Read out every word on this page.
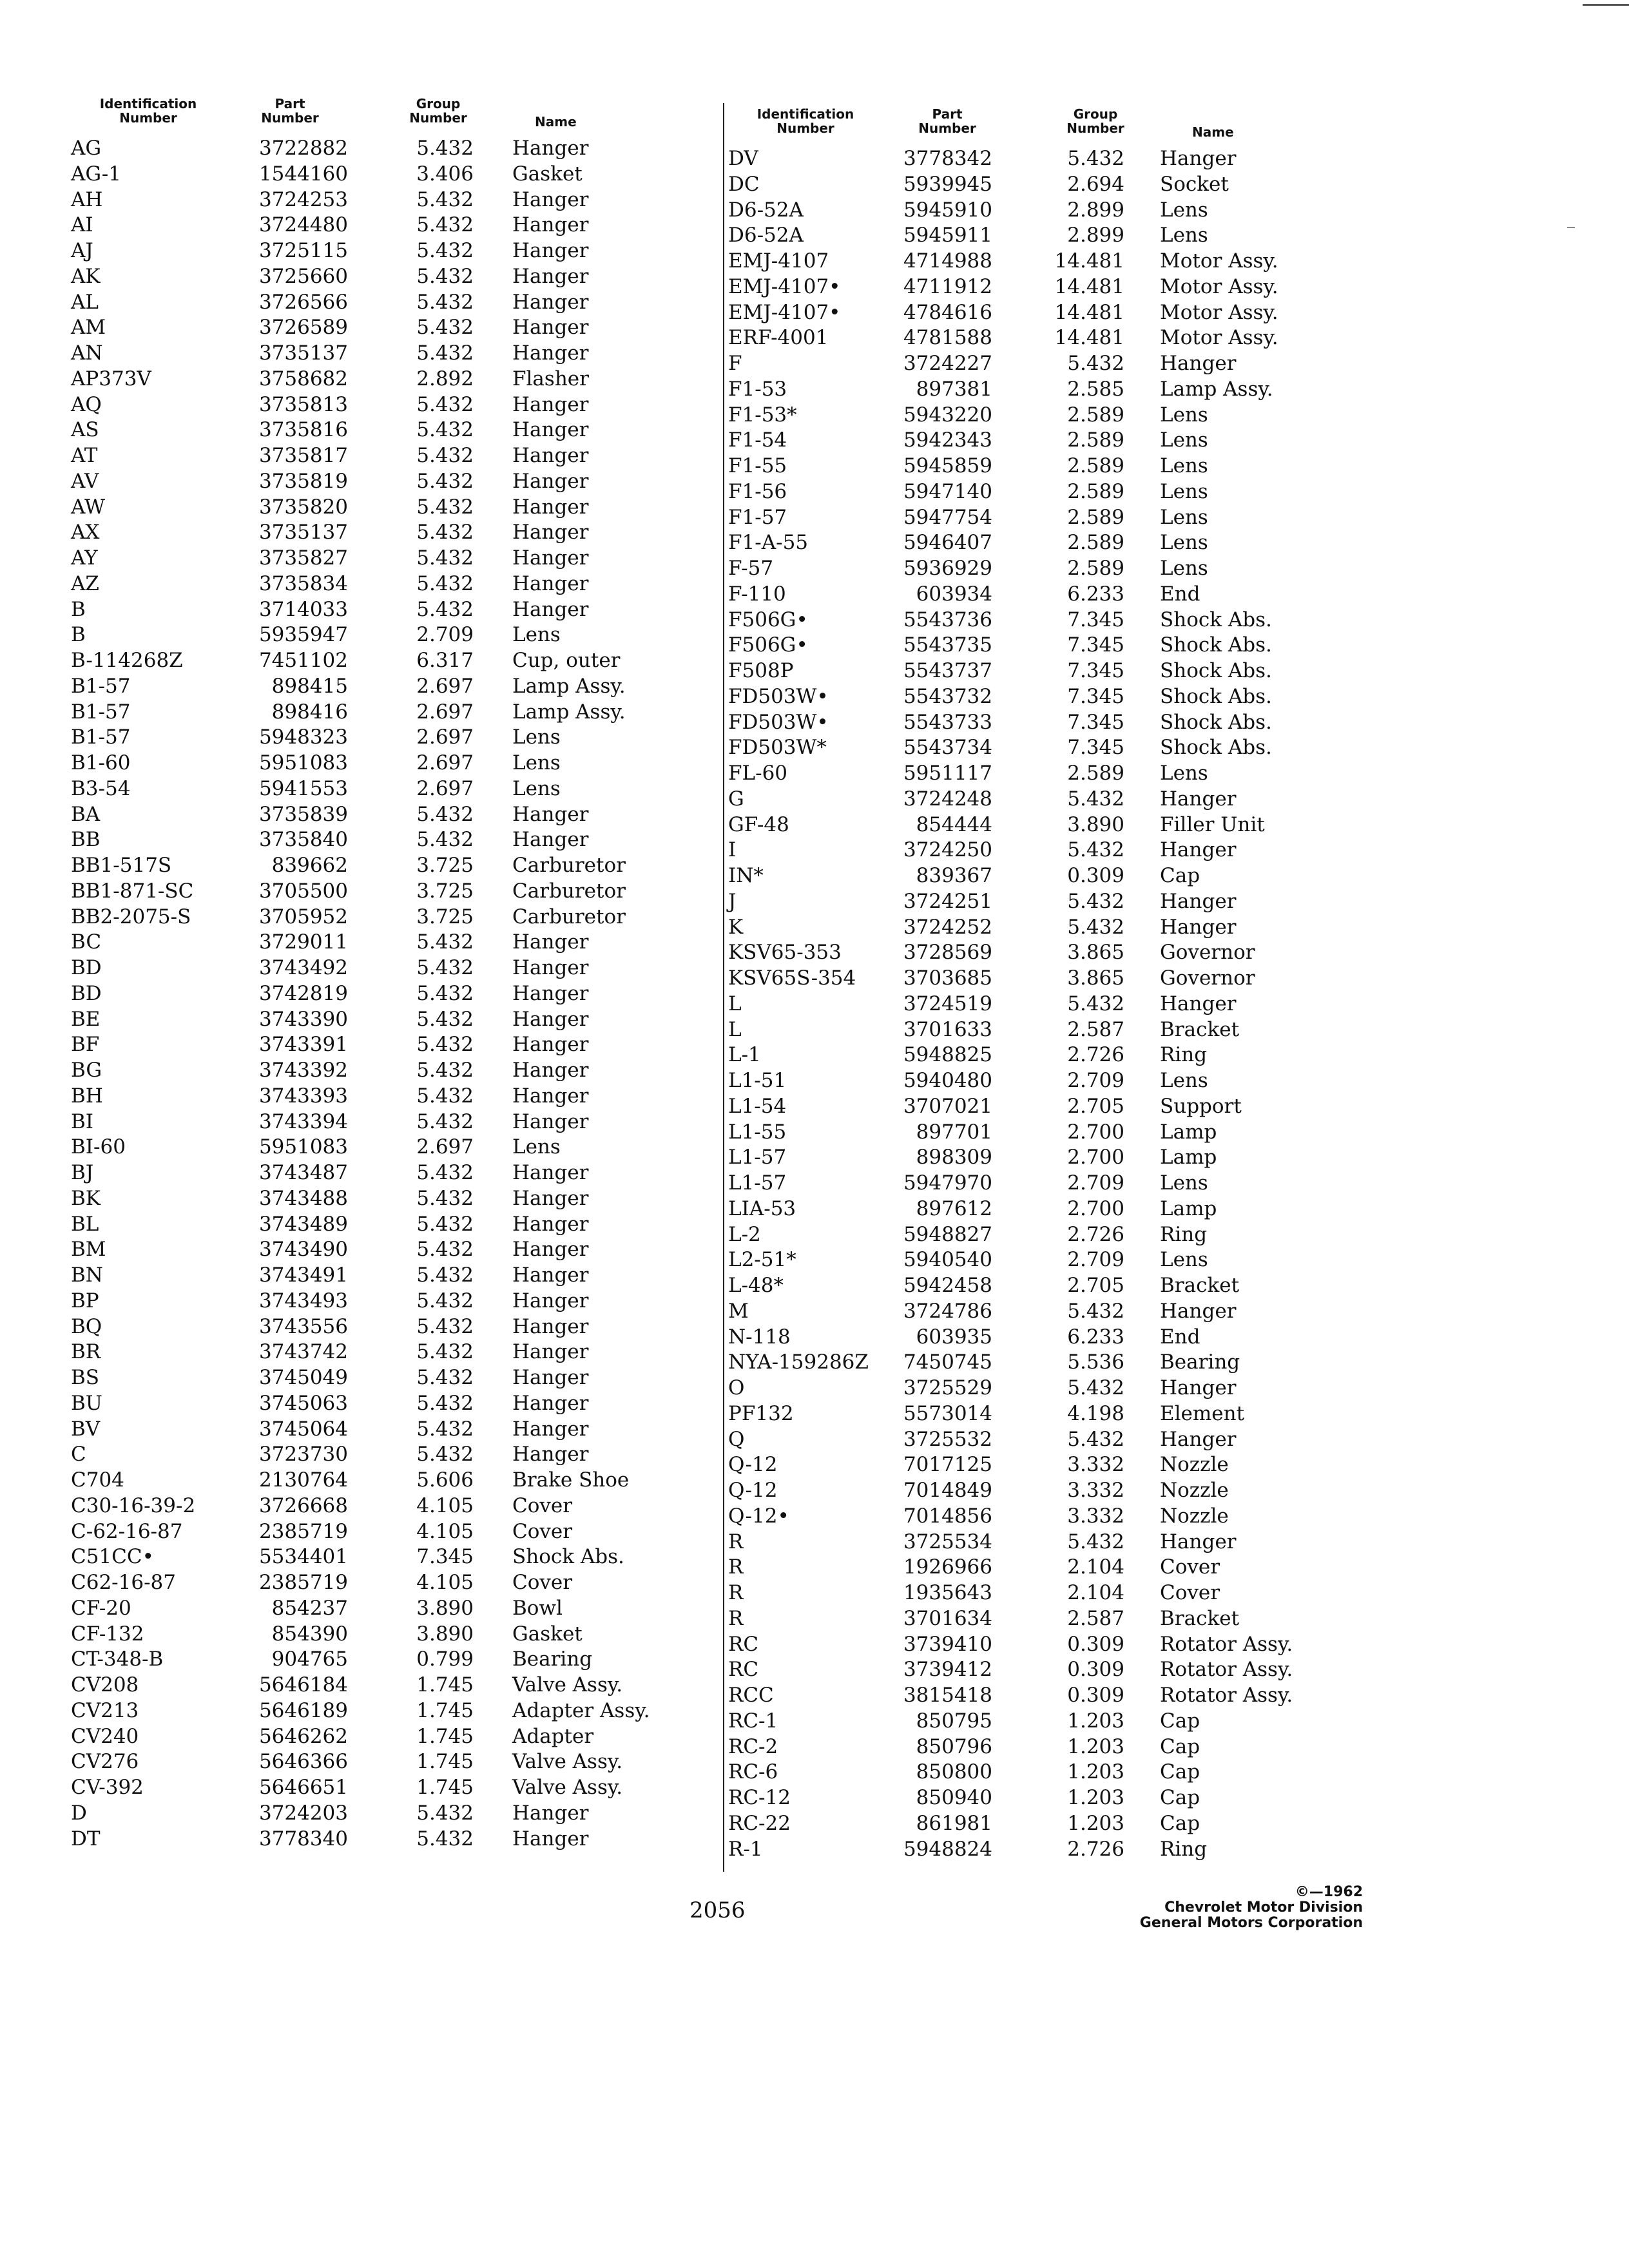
Identification Number
Part Number
Group Number	Name
AG	3722882	5.432 Hanger
AG-1	1544160	3.406 Gasket
AH	3724253	5.432 Hanger
AI	3724480	5.432 Hanger
AJ	3725115	5.432 Hanger
AK	3725660	5.432 Hanger
AL	3726566	5.432 Hanger
AM	3726589	5.432 Hanger
AN	3735137	5.432 Hanger
AP373V	3758682	2.892 Flasher
AQ	3735813	5.432 Hanger
AS	3735816	5.432 Hanger
AT	3735817	5.432 Hanger
AV	3735819	5.432 Hanger
AW	3735820	5.432 Hanger
AX	3735137	5.432 Hanger
AY	3735827	5.432 Hanger
AZ	3735834	5.432 Hanger
B	3714033	5.432 Hanger
B	5935947	2.709 Lens
B-114268Z	7451102	6.317 Cup, outer
B1-57	898415	2.697 Lamp Assy.
B1-57	898416	2.697 Lamp Assy.
B1-57	5948323	2.697 Lens
B1-60	5951083	2.697 Lens
B3-54	5941553	2.697 Lens
BA	3735839	5.432 Hanger
BB	3735840	5.432 Hanger
BB1-517S	839662	3.725 Carburetor
BB1-871-SC	3705500	3.725 Carburetor
BB2-2075-S	3705952	3.725 Carburetor
BC	3729011	5.432 Hanger
BD	3743492	5.432 Hanger
BD	3742819	5.432 Hanger
BE	3743390	5.432 Hanger
BF	3743391	5.432 Hanger
BG	3743392	5.432 Hanger
BH	3743393	5.432 Hanger
BI	3743394	5.432 Hanger
BI-60	5951083	2.697 Lens
BJ	3743487	5.432 Hanger
BK	3743488	5.432 Hanger
BL	3743489	5.432 Hanger
BM	3743490	5.432 Hanger
BN	3743491	5.432 Hanger
BP	3743493	5.432 Hanger
BQ	3743556	5.432 Hanger
BR	3743742	5.432 Hanger
BS	3745049	5.432 Hanger
BU	3745063	5.432 Hanger
BV	3745064	5.432 Hanger
C	3723730	5.432 Hanger
C704	2130764	5.606 Brake Shoe
C30-16-39-2	3726668	4.105 Cover
C-62-16-87	2385719	4.105 Cover
C51CC•	5534401	7.345 Shock Abs.
C62-16-87	2385719	4.105 Cover
CF-20	854237	3.890 Bowl
CF-132	854390	3.890 Gasket
CT-348-B	904765	0.799 Bearing
CV208	5646184	1.745 Valve Assy.
CV213	5646189	1.745 Adapter Assy.
CV240	5646262	1.745 Adapter
CV276	5646366	1.745 Valve Assy.
CV-392	5646651	1.745 Valve Assy.
D	3724203	5.432 Hanger
DT	3778340	5.432 Hanger
Identification Number
Part Number
Group Number	Name
DV	3778342	5.432 Hanger
DC	5939945	2.694 Socket
D6-52A	5945910	2.899 Lens
D6-52A	5945911	2.899 Lens
EMJ-4107	4714988	14.481 Motor Assy.
EMJ-4107•	4711912	14.481 Motor Assy.
EMJ-4107•	4784616	14.481 Motor Assy.
ERF-4001	4781588	14.481 Motor Assy.
F	3724227	5.432 Hanger
F1-53	897381	2.585 Lamp Assy.
F1-53*	5943220	2.589 Lens
F1-54	5942343	2.589 Lens
F1-55	5945859	2.589 Lens
F1-56	5947140	2.589 Lens
F1-57	5947754	2.589 Lens
F1-A-55	5946407	2.589 Lens
F-57	5936929	2.589 Lens
F-110	603934	6.233 End
F506G•	5543736	7.345 Shock Abs.
F506G•	5543735	7.345 Shock Abs.
F508P	5543737	7.345 Shock Abs.
FD503W•	5543732	7.345 Shock Abs.
FD503W•	5543733	7.345 Shock Abs.
FD503W*	5543734	7.345 Shock Abs.
FL-60	5951117	2.589 Lens
G	3724248	5.432 Hanger
GF-48	854444	3.890 Filler Unit
I	3724250	5.432 Hanger
IN*	839367	0.309 Cap
J	3724251	5.432 Hanger
K	3724252	5.432 Hanger
KSV65-353	3728569	3.865 Governor
KSV65S-354	3703685	3.865 Governor
L	3724519	5.432 Hanger
L	3701633	2.587 Bracket
L-1	5948825	2.726 Ring
L1-51	5940480	2.709 Lens
L1-54	3707021	2.705 Support
L1-55	897701	2.700 Lamp
L1-57	898309	2.700 Lamp
L1-57	5947970	2.709 Lens
LIA-53	897612	2.700 Lamp
L-2	5948827	2.726 Ring
L2-51*	5940540	2.709 Lens
L-48*	5942458	2.705 Bracket
M	3724786	5.432 Hanger
N-118	603935	6.233 End
NYA-159286Z	7450745	5.536 Bearing
O	3725529	5.432 Hanger
PF132	5573014	4.198 Element
Q	3725532	5.432 Hanger
Q-12	7017125	3.332 Nozzle
Q-12	7014849	3.332 Nozzle
Q-12•	7014856	3.332 Nozzle
R	3725534	5.432 Hanger
R	1926966	2.104 Cover
R	1935643	2.104 Cover
R	3701634	2.587 Bracket
RC	3739410	0.309 Rotator Assy.
RC	3739412	0.309 Rotator Assy.
RCC	3815418	0.309 Rotator Assy.
RC-1	850795	1.203 Cap
RC-2	850796	1.203 Cap
RC-6	850800	1.203 Cap
RC-12	850940	1.203 Cap
RC-22	861981	1.203 Cap
R-1	5948824	2.726 Ring
2056
©—1962
Chevrolet Motor Division
General Motors Corporation
